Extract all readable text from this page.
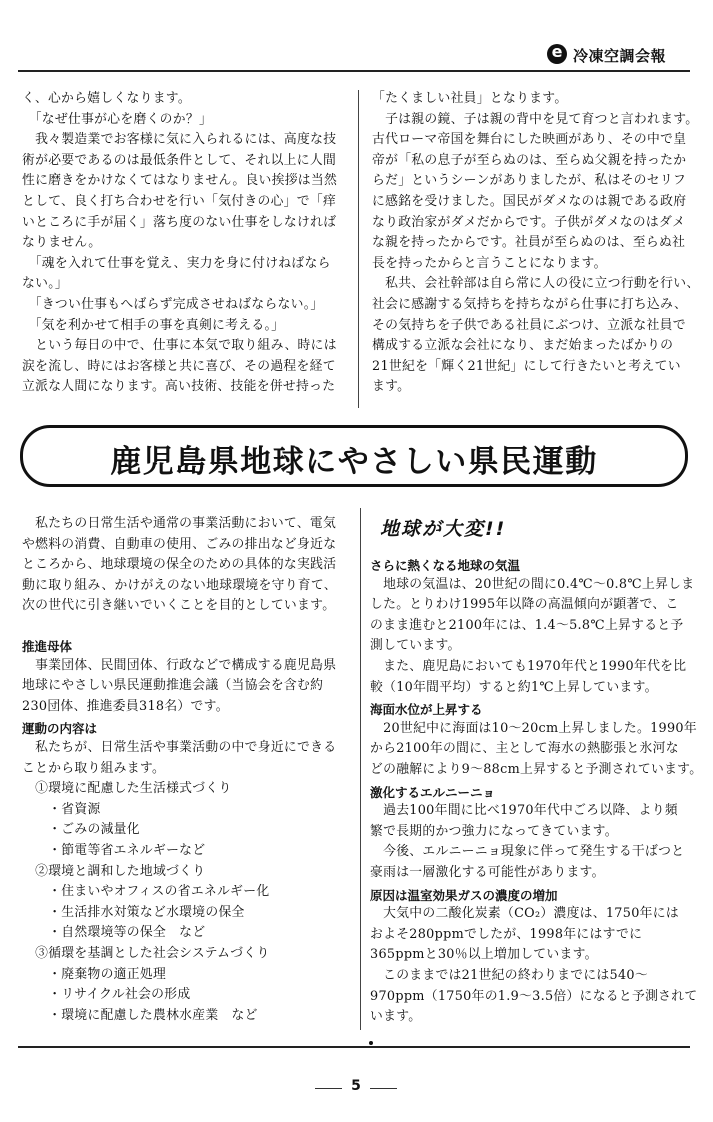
e 冷凍空調会報
く、心から嬉しくなります。
　「なぜ仕事が心を磨くのか？」
　我々製造業でお客様に気に入られるには、高度な技
術が必要であるのは最低条件として、それ以上に人間
性に磨きをかけなくてはなりません。良い挨拶は当然
として、良く打ち合わせを行い「気付きの心」で「痒
いところに手が届く」落ち度のない仕事をしなければ
なりません。
　「魂を入れて仕事を覚え、実力を身に付けねばなら
ない。」
　「きつい仕事もへばらず完成させねばならない。」
　「気を利かせて相手の事を真剣に考える。」
　という毎日の中で、仕事に本気で取り組み、時には
涙を流し、時にはお客様と共に喜び、その過程を経て
立派な人間になります。高い技術、技能を併せ持った
「たくましい社員」となります。
　子は親の鏡、子は親の背中を見て育つと言われます。
古代ローマ帝国を舞台にした映画があり、その中で皇
帝が「私の息子が至らぬのは、至らぬ父親を持ったか
らだ」というシーンがありましたが、私はそのセリフ
に感銘を受けました。国民がダメなのは親である政府
なり政治家がダメだからです。子供がダメなのはダメ
な親を持ったからです。社員が至らぬのは、至らぬ社
長を持ったからと言うことになります。
　私共、会社幹部は自ら常に人の役に立つ行動を行い、
社会に感謝する気持ちを持ちながら仕事に打ち込み、
その気持ちを子供である社員にぶつけ、立派な社員で
構成する立派な会社になり、まだ始まったばかりの
21世紀を「輝く21世紀」にして行きたいと考えてい
ます。
鹿児島県地球にやさしい県民運動
　私たちの日常生活や通常の事業活動において、電気
や燃料の消費、自動車の使用、ごみの排出など身近な
ところから、地球環境の保全のための具体的な実践活
動に取り組み、かけがえのない地球環境を守り育て、
次の世代に引き継いでいくことを目的としています。
推進母体
　事業団体、民間団体、行政などで構成する鹿児島県
地球にやさしい県民運動推進会議（当協会を含む約
230団体、推進委員318名）です。
運動の内容は
　私たちが、日常生活や事業活動の中で身近にできる
ことから取り組みます。
　①環境に配慮した生活様式づくり
　　・省資源
　　・ごみの減量化
　　・節電等省エネルギーなど
　②環境と調和した地域づくり
　　・住まいやオフィスの省エネルギー化
　　・生活排水対策など水環境の保全
　　・自然環境等の保全　など
　③循環を基調とした社会システムづくり
　　・廃棄物の適正処理
　　・リサイクル社会の形成
　　・環境に配慮した農林水産業　など
地球が大変!!
さらに熱くなる地球の気温
　地球の気温は、20世紀の間に0.4℃〜0.8℃上昇しま
した。とりわけ1995年以降の高温傾向が顕著で、こ
のまま進むと2100年には、1.4〜5.8℃上昇すると予
測しています。
　また、鹿児島においても1970年代と1990年代を比
較（10年間平均）すると約1℃上昇しています。
海面水位が上昇する
　20世紀中に海面は10〜20cm上昇しました。1990年
から2100年の間に、主として海水の熱膨張と氷河な
どの融解により9〜88cm上昇すると予測されています。
激化するエルニーニョ
　過去100年間に比べ1970年代中ごろ以降、より頻
繁で長期的かつ強力になってきています。
　今後、エルニーニョ現象に伴って発生する干ばつと
豪雨は一層激化する可能性があります。
原因は温室効果ガスの濃度の増加
　大気中の二酸化炭素（CO₂）濃度は、1750年には
およそ280ppmでしたが、1998年にはすでに
365ppmと30％以上増加しています。
　このままでは21世紀の終わりまでには540〜
970ppm（1750年の1.9〜3.5倍）になると予測されて
います。
5
